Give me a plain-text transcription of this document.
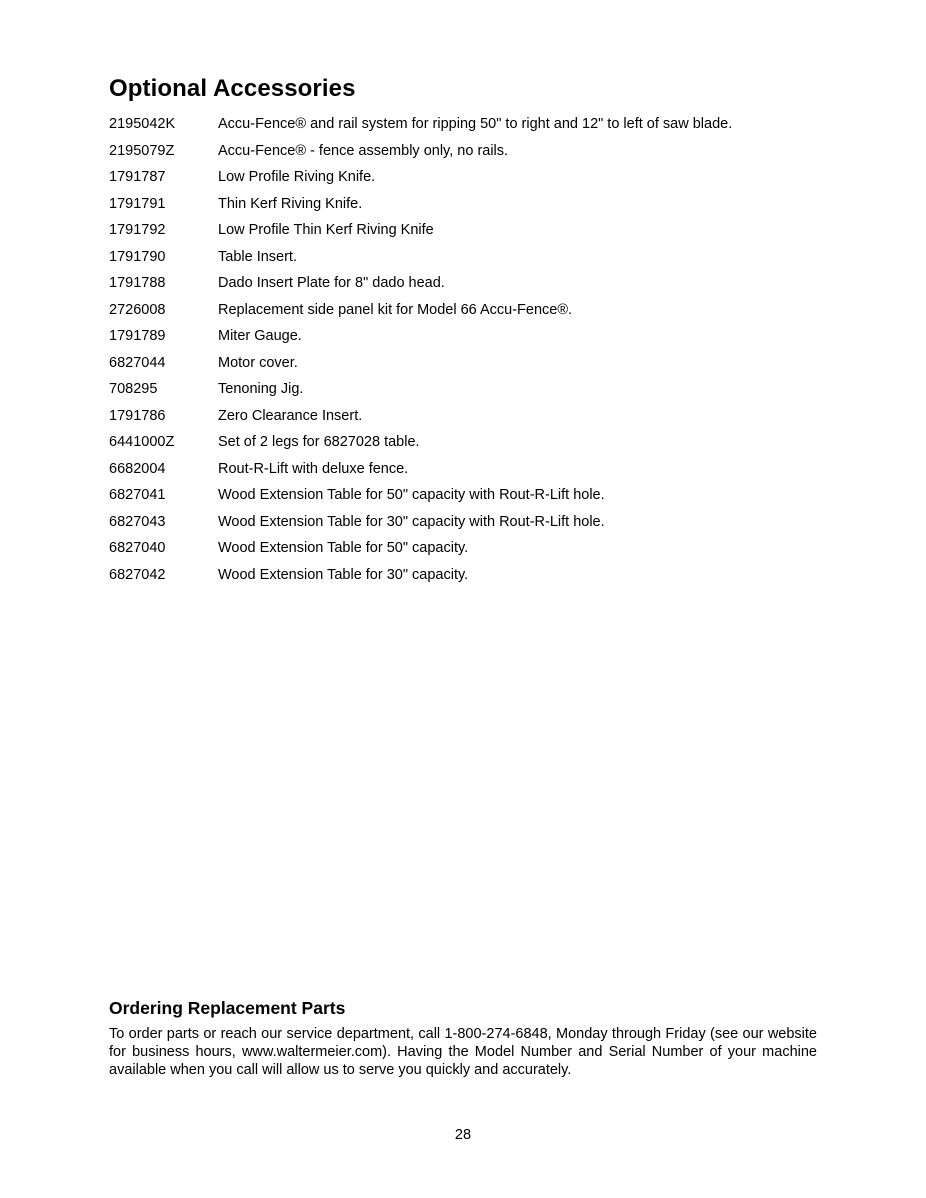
Optional Accessories
2195042K	Accu-Fence® and rail system for ripping 50" to right and 12" to left of saw blade.
2195079Z	Accu-Fence® - fence assembly only, no rails.
1791787	Low Profile Riving Knife.
1791791	Thin Kerf Riving Knife.
1791792	Low Profile Thin Kerf Riving Knife
1791790	Table Insert.
1791788	Dado Insert Plate for 8" dado head.
2726008	Replacement side panel kit for Model 66 Accu-Fence®.
1791789	Miter Gauge.
6827044	Motor cover.
708295	Tenoning Jig.
1791786	Zero Clearance Insert.
6441000Z	Set of 2 legs for 6827028 table.
6682004	Rout-R-Lift with deluxe fence.
6827041	Wood Extension Table for 50" capacity with Rout-R-Lift hole.
6827043	Wood Extension Table for 30" capacity with Rout-R-Lift hole.
6827040	Wood Extension Table for 50" capacity.
6827042	Wood Extension Table for 30" capacity.
Ordering Replacement Parts

To order parts or reach our service department, call 1-800-274-6848, Monday through Friday (see our website for business hours, www.waltermeier.com). Having the Model Number and Serial Number of your machine available when you call will allow us to serve you quickly and accurately.

28
